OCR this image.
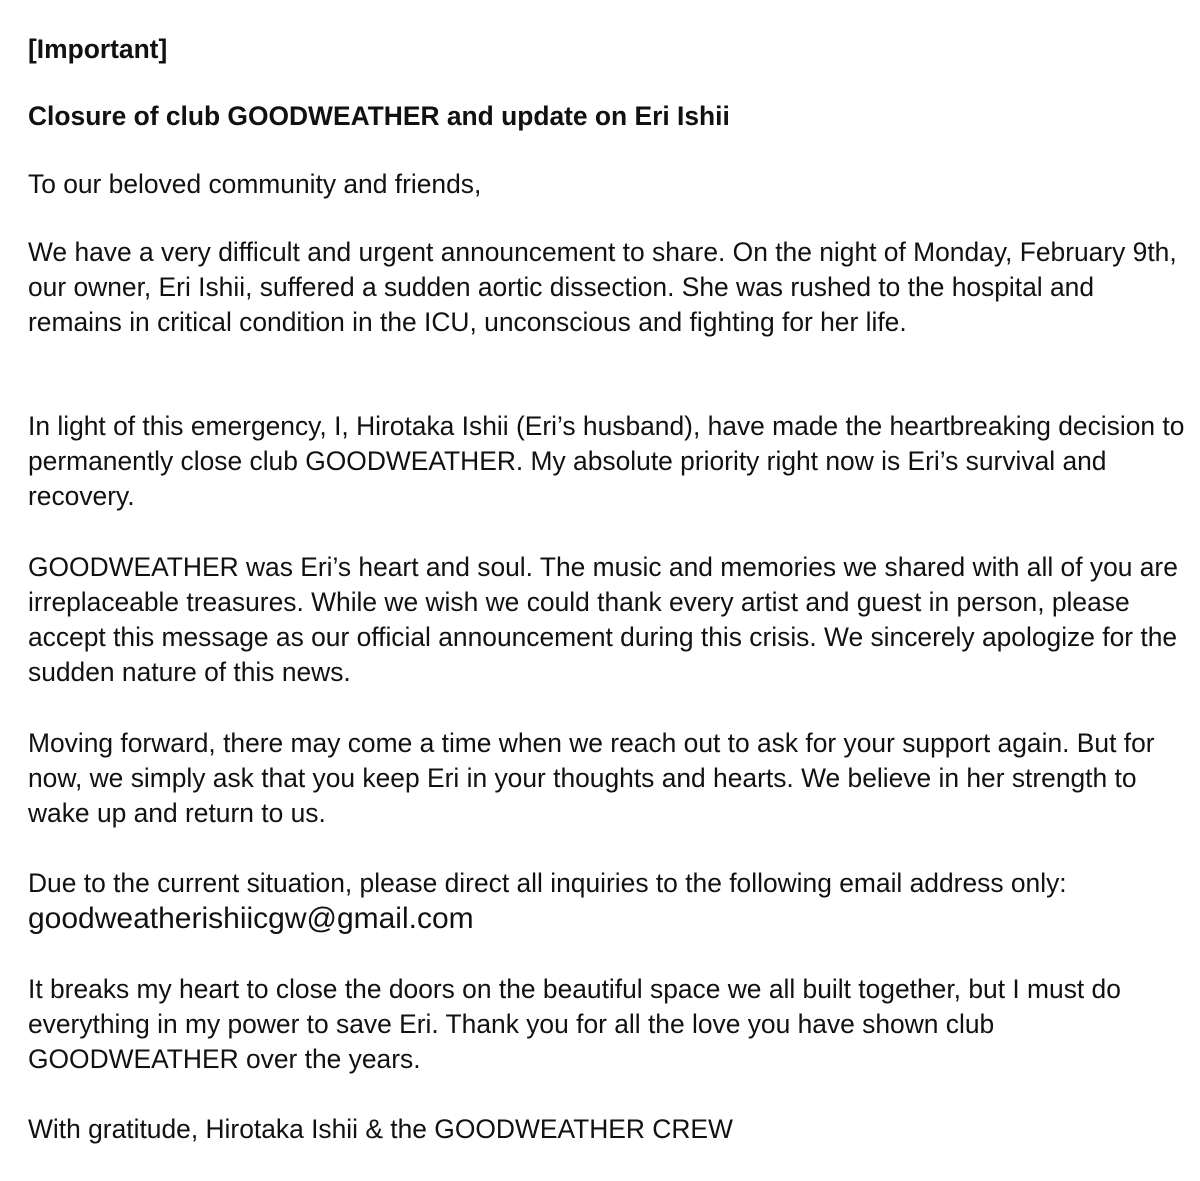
[Important]

Closure of club GOODWEATHER and update on Eri Ishii

To our beloved community and friends,

We have a very difficult and urgent announcement to share. On the night of Monday, February 9th, our owner, Eri Ishii, suffered a sudden aortic dissection. She was rushed to the hospital and remains in critical condition in the ICU, unconscious and fighting for her life.

In light of this emergency, I, Hirotaka Ishii (Eri’s husband), have made the heartbreaking decision to permanently close club GOODWEATHER. My absolute priority right now is Eri’s survival and recovery.

GOODWEATHER was Eri’s heart and soul. The music and memories we shared with all of you are irreplaceable treasures. While we wish we could thank every artist and guest in person, please accept this message as our official announcement during this crisis. We sincerely apologize for the sudden nature of this news.

Moving forward, there may come a time when we reach out to ask for your support again. But for now, we simply ask that you keep Eri in your thoughts and hearts. We believe in her strength to wake up and return to us.

Due to the current situation, please direct all inquiries to the following email address only: goodweatherishiicgw@gmail.com

It breaks my heart to close the doors on the beautiful space we all built together, but I must do everything in my power to save Eri. Thank you for all the love you have shown club GOODWEATHER over the years.

With gratitude, Hirotaka Ishii & the GOODWEATHER CREW
